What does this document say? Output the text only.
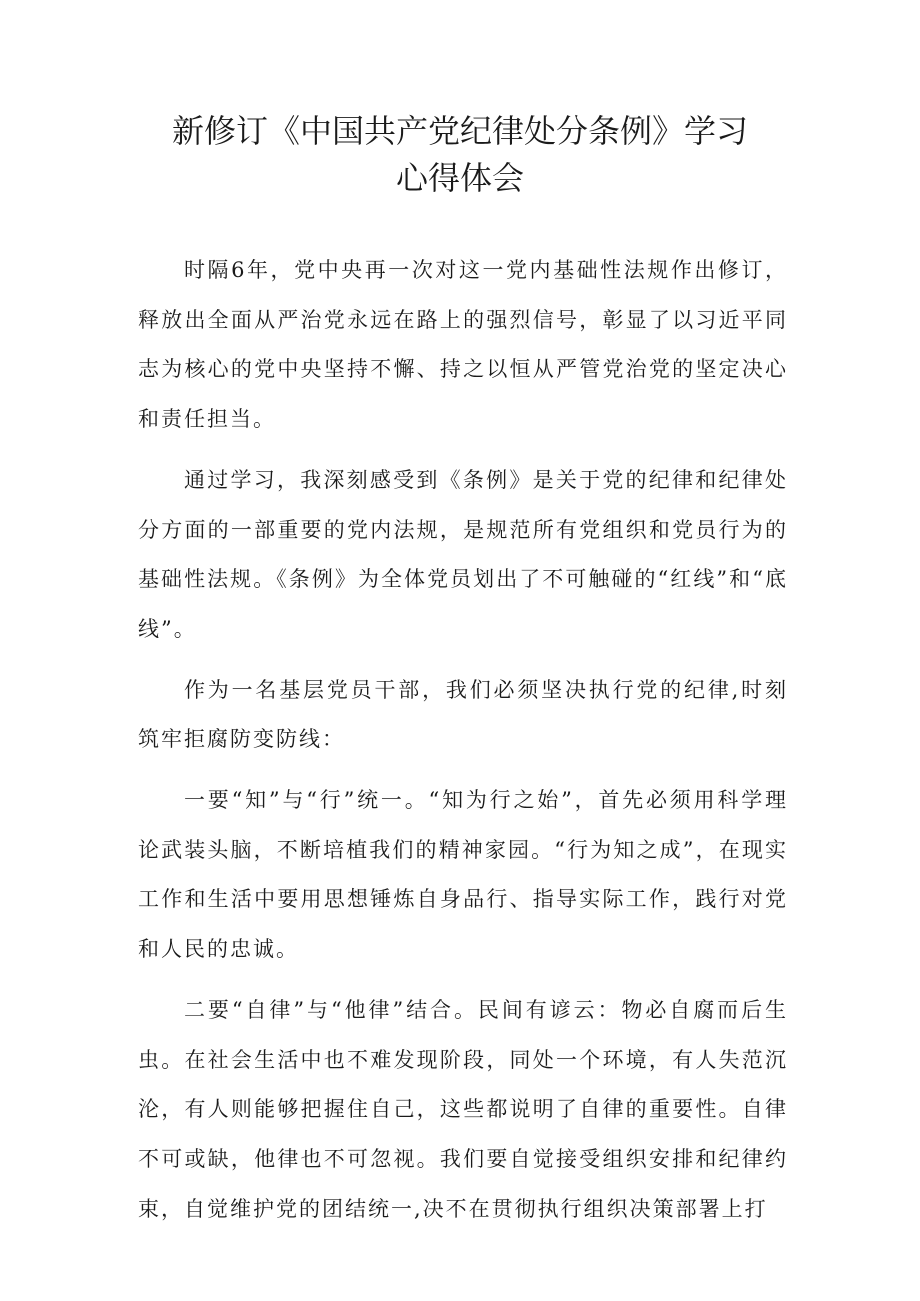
新修订《中国共产党纪律处分条例》学习
心得体会

时隔6年，党中央再一次对这一党内基础性法规作出修订，释放出全面从严治党永远在路上的强烈信号，彰显了以习近平同志为核心的党中央坚持不懈、持之以恒从严管党治党的坚定决心和责任担当。

通过学习，我深刻感受到《条例》是关于党的纪律和纪律处分方面的一部重要的党内法规，是规范所有党组织和党员行为的基础性法规。《条例》为全体党员划出了不可触碰的“红线”和“底线”。

作为一名基层党员干部，我们必须坚决执行党的纪律,时刻筑牢拒腐防变防线：

一要“知”与“行”统一。“知为行之始”，首先必须用科学理论武装头脑，不断培植我们的精神家园。“行为知之成”，在现实工作和生活中要用思想锤炼自身品行、指导实际工作，践行对党和人民的忠诚。

二要“自律”与“他律”结合。民间有谚云：物必自腐而后生虫。在社会生活中也不难发现阶段，同处一个环境，有人失范沉沦，有人则能够把握住自己，这些都说明了自律的重要性。自律不可或缺，他律也不可忽视。我们要自觉接受组织安排和纪律约束，自觉维护党的团结统一,决不在贯彻执行组织决策部署上打
